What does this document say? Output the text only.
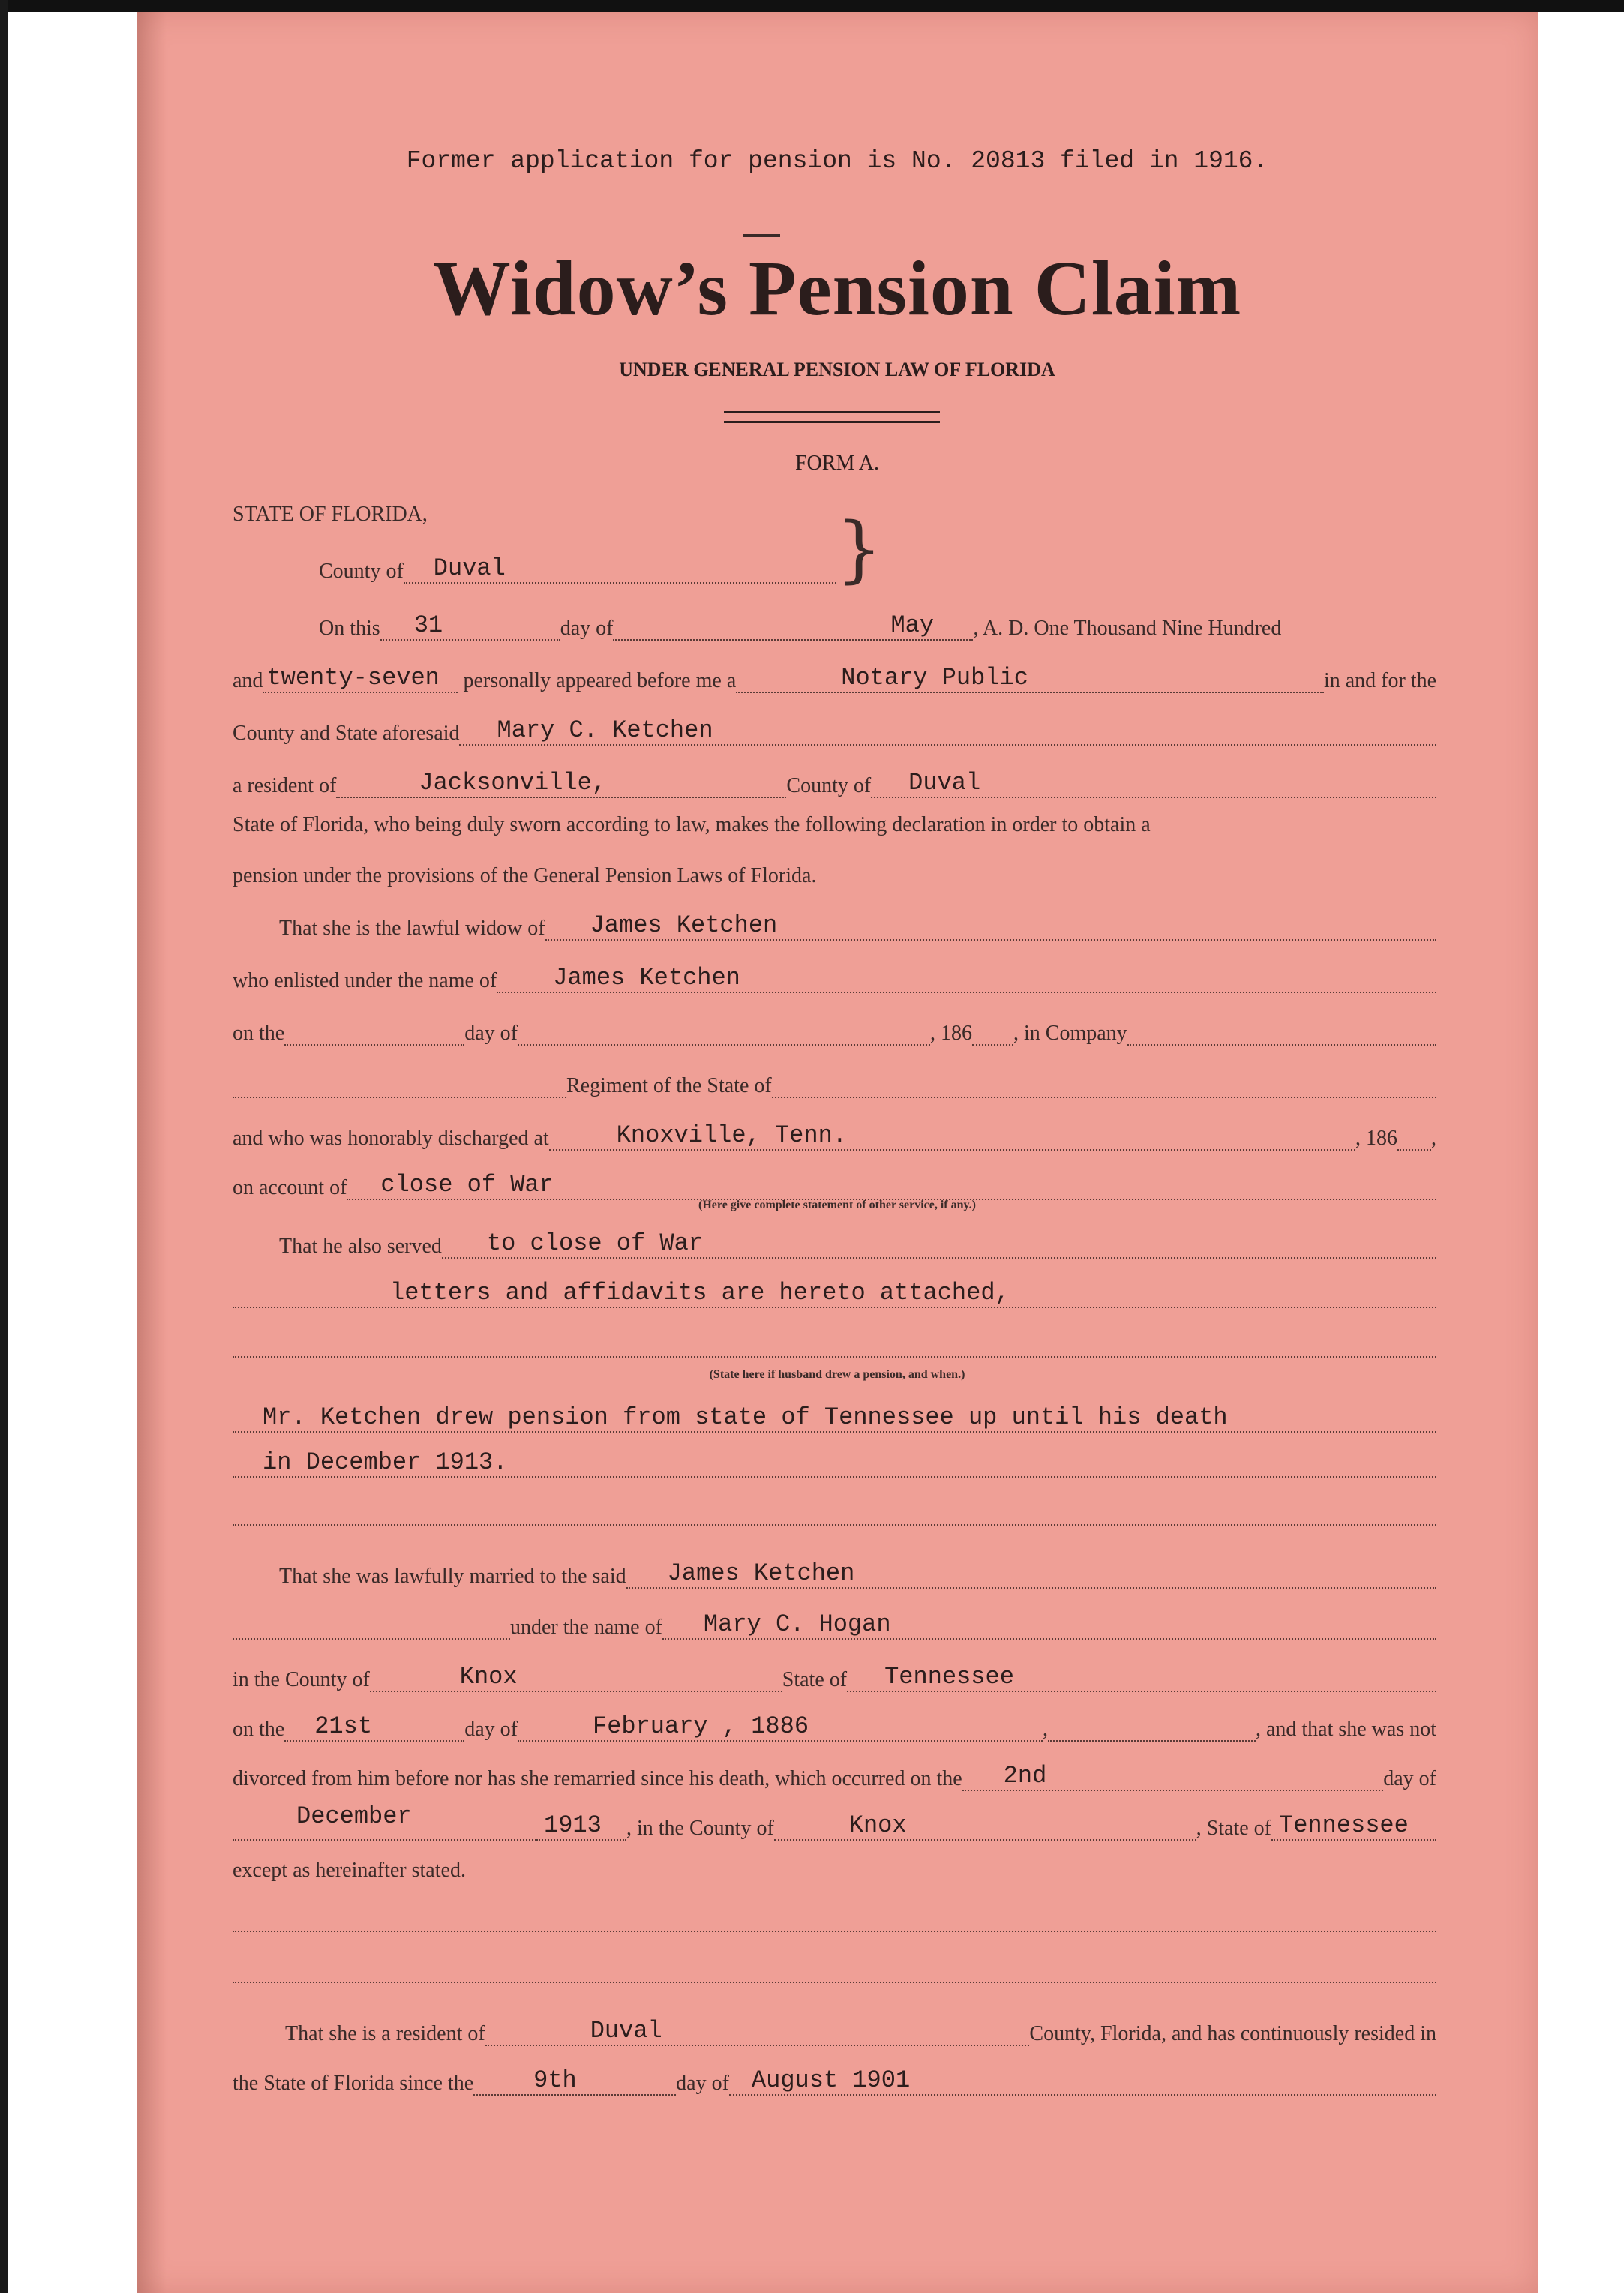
Former application for pension is No. 20813 filed in 1916.
Widow’s Pension Claim
UNDER GENERAL PENSION LAW OF FLORIDA
FORM A.
STATE OF FLORIDA,	}
County of Duval
On this 31	day of	May , A. D. One Thousand Nine Hundred
and twenty-seven personally appeared before me a	Notary Public	in and for the
County and State aforesaid Mary C. Ketchen
a resident of	Jacksonville,	County of Duval
State of Florida, who being duly sworn according to law, makes the following declaration in order to obtain a
pension under the provisions of the General Pension Laws of Florida.
That she is the lawful widow of James Ketchen
who enlisted under the name of James Ketchen
on the	day of	, 186 , in Company
Regiment of the State of
and who was honorably discharged at	Knoxville, Tenn.	, 186 ,
on account of close of War
(Here give complete statement of other service, if any.)
That he also served to close of War
letters and affidavits are hereto attached,
(State here if husband drew a pension, and when.)
Mr. Ketchen drew pension from state of Tennessee up until his death
in December 1913.
That she was lawfully married to the said James Ketchen
under the name of Mary C. Hogan
in the County of	Knox	State of Tennessee
on the 21st	day of	February , 1886	,	, and that she was not
divorced from him before nor has she remarried since his death, which occurred on the 2nd	day of
December
	1913 , in the County of	Knox	, State of Tennessee
except as hereinafter stated.
That she is a resident of	Duval	County, Florida, and has continuously resided in
the State of Florida since the	9th	day of August 1901
